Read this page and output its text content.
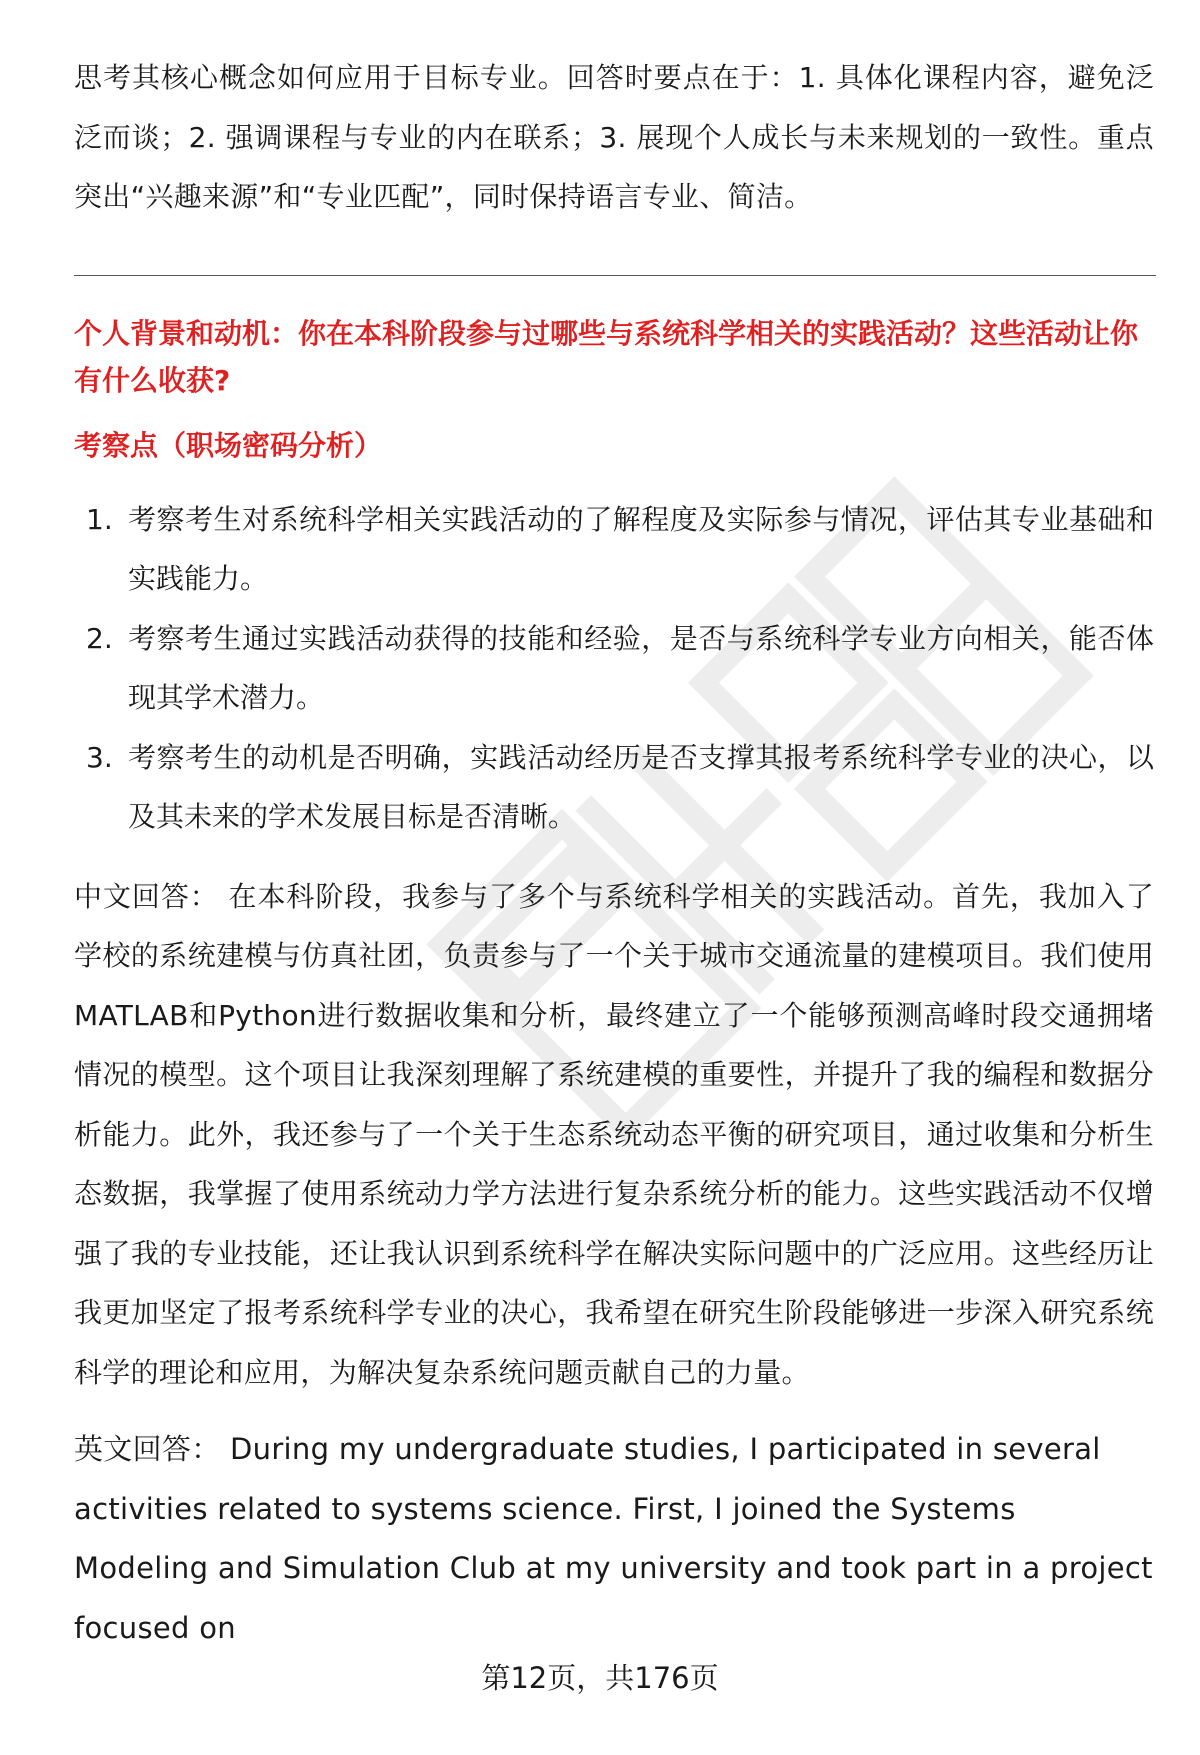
思考其核心概念如何应用于目标专业。回答时要点在于：1. 具体化课程内容，避免泛泛而谈；2. 强调课程与专业的内在联系；3. 展现个人成长与未来规划的一致性。重点突出“兴趣来源”和“专业匹配”，同时保持语言专业、简洁。

个人背景和动机：你在本科阶段参与过哪些与系统科学相关的实践活动？这些活动让你有什么收获?

考察点（职场密码分析）

1. 考察考生对系统科学相关实践活动的了解程度及实际参与情况，评估其专业基础和实践能力。
2. 考察考生通过实践活动获得的技能和经验，是否与系统科学专业方向相关，能否体现其学术潜力。
3. 考察考生的动机是否明确，实践活动经历是否支撑其报考系统科学专业的决心，以及其未来的学术发展目标是否清晰。

中文回答： 在本科阶段，我参与了多个与系统科学相关的实践活动。首先，我加入了学校的系统建模与仿真社团，负责参与了一个关于城市交通流量的建模项目。我们使用MATLAB和Python进行数据收集和分析，最终建立了一个能够预测高峰时段交通拥堵情况的模型。这个项目让我深刻理解了系统建模的重要性，并提升了我的编程和数据分析能力。此外，我还参与了一个关于生态系统动态平衡的研究项目，通过收集和分析生态数据，我掌握了使用系统动力学方法进行复杂系统分析的能力。这些实践活动不仅增强了我的专业技能，还让我认识到系统科学在解决实际问题中的广泛应用。这些经历让我更加坚定了报考系统科学专业的决心，我希望在研究生阶段能够进一步深入研究系统科学的理论和应用，为解决复杂系统问题贡献自己的力量。

英文回答： During my undergraduate studies, I participated in several activities related to systems science. First, I joined the Systems Modeling and Simulation Club at my university and took part in a project focused on

第12页，共176页
